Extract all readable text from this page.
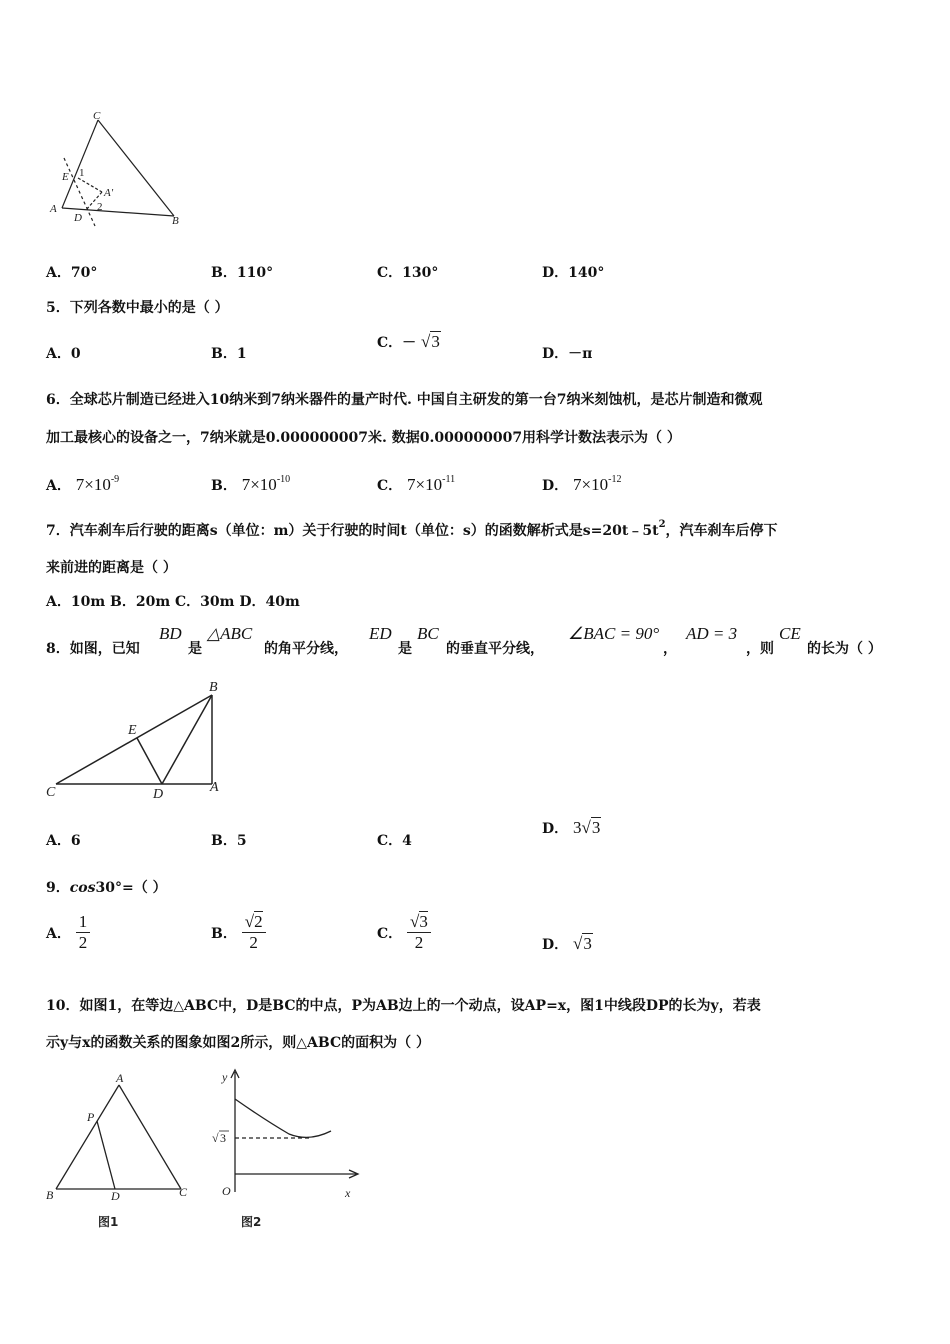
C
E 1
A'
A
D
2
B
A．70°	B．110°	C．130°	D．140°
5．下列各数中最小的是（ ）
A．0	B．1
C．－ √3
D．－π
6．全球芯片制造已经进入10纳米到7纳米器件的量产时代. 中国自主研发的第一台7纳米刻蚀机，是芯片制造和微观
加工最核心的设备之一，7纳米就是0.000000007米. 数据0.000000007用科学计数法表示为（ ）
A． $7\times 10^{-9}$	B． $7\times 10^{-10}$	C． $7\times 10^{-11}$	D． $7\times 10^{-12}$
7．汽车刹车后行驶的距离s（单位：m）关于行驶的时间t（单位：s）的函数解析式是$s=20t﹣5t^2$，汽车刹车后停下
来前进的距离是（ ）
A．10m B．20m C．30m D．40m
8．如图，已知
BD
是
△ABC
的角平分线，
ED
是
BC
的垂直平分线，
∠BAC = 90°
，
AD = 3
，则
CE
的长为（ ）
B
E
C	D	A
A．6	B．5	C．4
D． 3√3
9．cos30°=（ ）
A． $\frac{1}{2}$	B． $\frac{√2}{2}$	C． $\frac{√3}{2}$	D． √3
10．如图1，在等边△ABC中，D是BC的中点，P为AB边上的一个动点，设AP=x，图1中线段DP的长为y，若表
示y与x的函数关系的图象如图2所示，则△ABC的面积为（ ）
A
P
B	D	C
图1
y
√ 3
O	x
图2
